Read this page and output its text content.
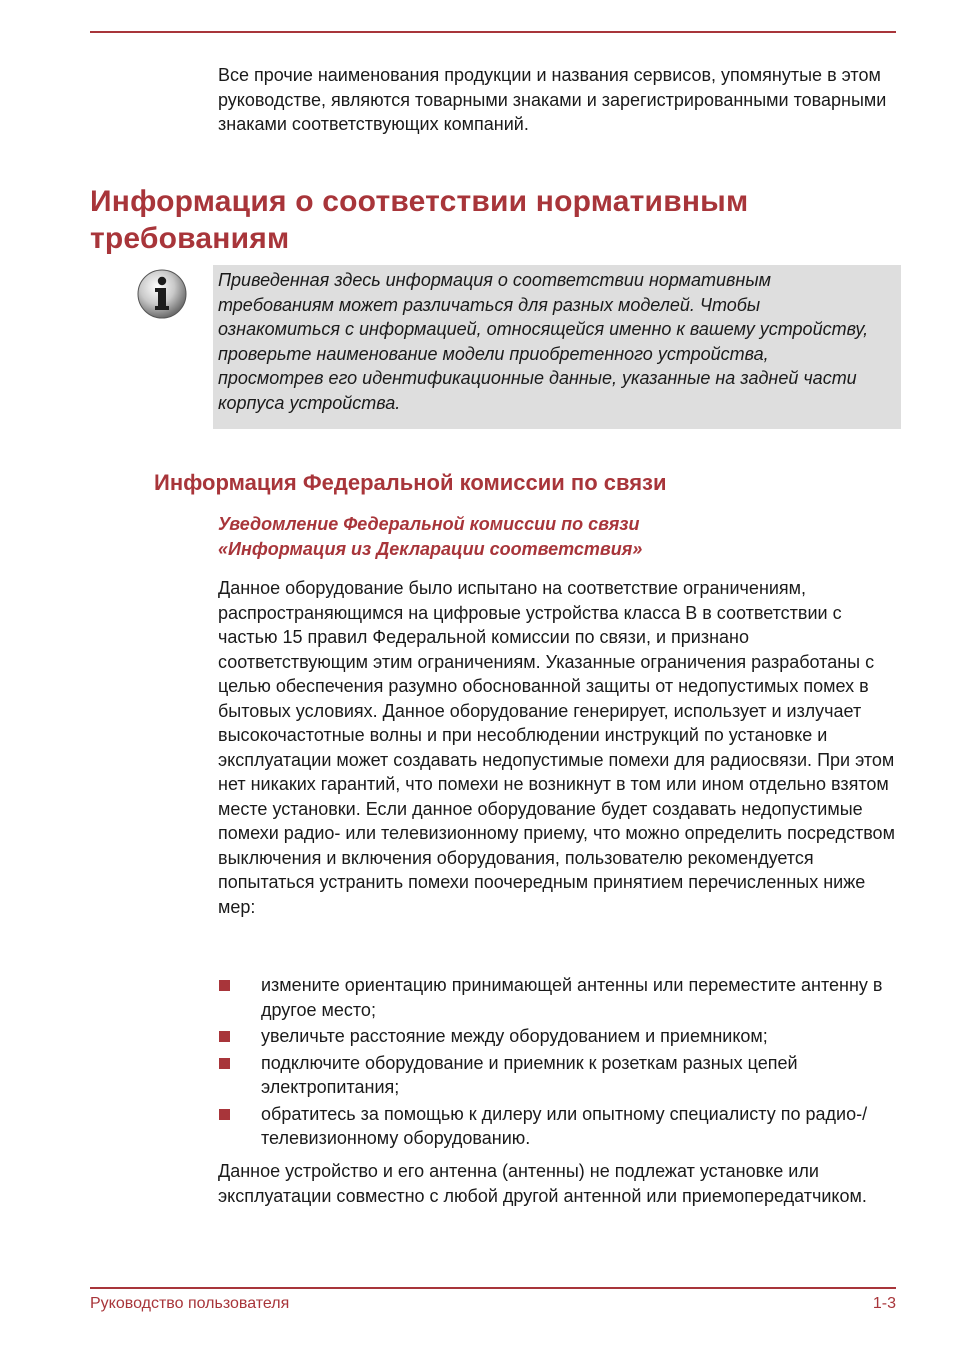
Все прочие наименования продукции и названия сервисов, упомянутые в этом руководстве, являются товарными знаками и зарегистрированными товарными знаками соответствующих компаний.
Информация о соответствии нормативным требованиям
Приведенная здесь информация о соответствии нормативным требованиям может различаться для разных моделей. Чтобы ознакомиться с информацией, относящейся именно к вашему устройству, проверьте наименование модели приобретенного устройства, просмотрев его идентификационные данные, указанные на задней части корпуса устройства.
Информация Федеральной комиссии по связи
Уведомление Федеральной комиссии по связи
«Информация из Декларации соответствия»
Данное оборудование было испытано на соответствие ограничениям, распространяющимся на цифровые устройства класса B в соответствии с частью 15 правил Федеральной комиссии по связи, и признано соответствующим этим ограничениям. Указанные ограничения разработаны с целью обеспечения разумно обоснованной защиты от недопустимых помех в бытовых условиях. Данное оборудование генерирует, использует и излучает высокочастотные волны и при несоблюдении инструкций по установке и эксплуатации может создавать недопустимые помехи для радиосвязи. При этом нет никаких гарантий, что помехи не возникнут в том или ином отдельно взятом месте установки. Если данное оборудование будет создавать недопустимые помехи радио- или телевизионному приему, что можно определить посредством выключения и включения оборудования, пользователю рекомендуется попытаться устранить помехи поочередным принятием перечисленных ниже мер:
измените ориентацию принимающей антенны или переместите антенну в другое место;
увеличьте расстояние между оборудованием и приемником;
подключите оборудование и приемник к розеткам разных цепей электропитания;
обратитесь за помощью к дилеру или опытному специалисту по радио-/телевизионному оборудованию.
Данное устройство и его антенна (антенны) не подлежат установке или эксплуатации совместно с любой другой антенной или приемопередатчиком.
Руководство пользователя	1-3
